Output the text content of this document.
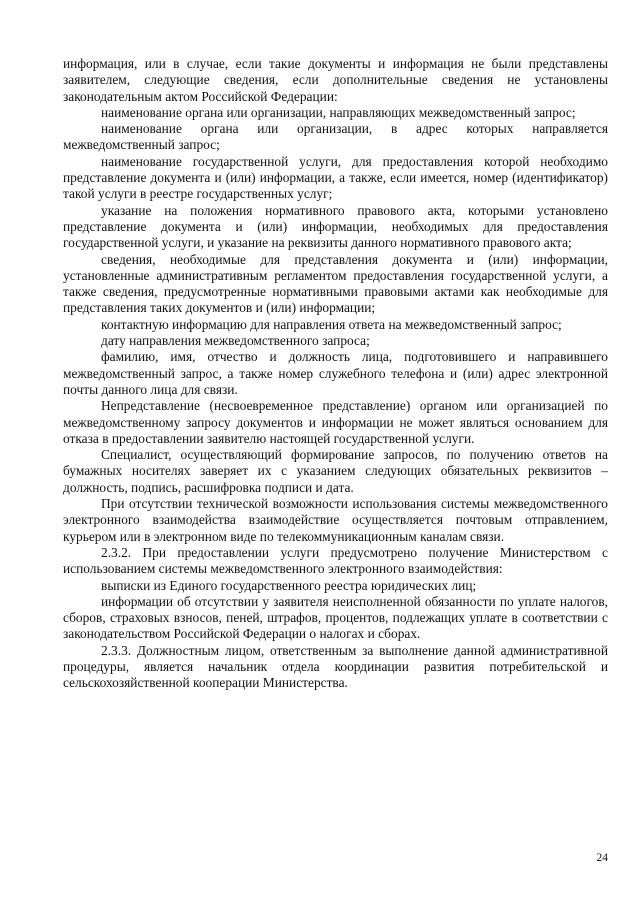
информация, или в случае, если такие документы и информация не были представлены заявителем, следующие сведения, если дополнительные сведения не установлены законодательным актом Российской Федерации:

наименование органа или организации, направляющих межведомственный запрос;

наименование органа или организации, в адрес которых направляется межведомственный запрос;

наименование государственной услуги, для предоставления которой необходимо представление документа и (или) информации, а также, если имеется, номер (идентификатор) такой услуги в реестре государственных услуг;

указание на положения нормативного правового акта, которыми установлено представление документа и (или) информации, необходимых для предоставления государственной услуги, и указание на реквизиты данного нормативного правового акта;

сведения, необходимые для представления документа и (или) информации, установленные административным регламентом предоставления государственной услуги, а также сведения, предусмотренные нормативными правовыми актами как необходимые для представления таких документов и (или) информации;

контактную информацию для направления ответа на межведомственный запрос;

дату направления межведомственного запроса;

фамилию, имя, отчество и должность лица, подготовившего и направившего межведомственный запрос, а также номер служебного телефона и (или) адрес электронной почты данного лица для связи.

Непредставление (несвоевременное представление) органом или организацией по межведомственному запросу документов и информации не может являться основанием для отказа в предоставлении заявителю настоящей государственной услуги.

Специалист, осуществляющий формирование запросов, по получению ответов на бумажных носителях заверяет их с указанием следующих обязательных реквизитов – должность, подпись, расшифровка подписи и дата.

При отсутствии технической возможности использования системы межведомственного электронного взаимодейства взаимодействие осуществляется почтовым отправлением, курьером или в электронном виде по телекоммуникационным каналам связи.

2.3.2. При предоставлении услуги предусмотрено получение Министерством с использованием системы межведомственного электронного взаимодействия:

выписки из Единого государственного реестра юридических лиц;

информации об отсутствии у заявителя неисполненной обязанности по уплате налогов, сборов, страховых взносов, пеней, штрафов, процентов, подлежащих уплате в соответствии с законодательством Российской Федерации о налогах и сборах.

2.3.3. Должностным лицом, ответственным за выполнение данной административной процедуры, является начальник отдела координации развития потребительской и сельскохозяйственной кооперации Министерства.

24
